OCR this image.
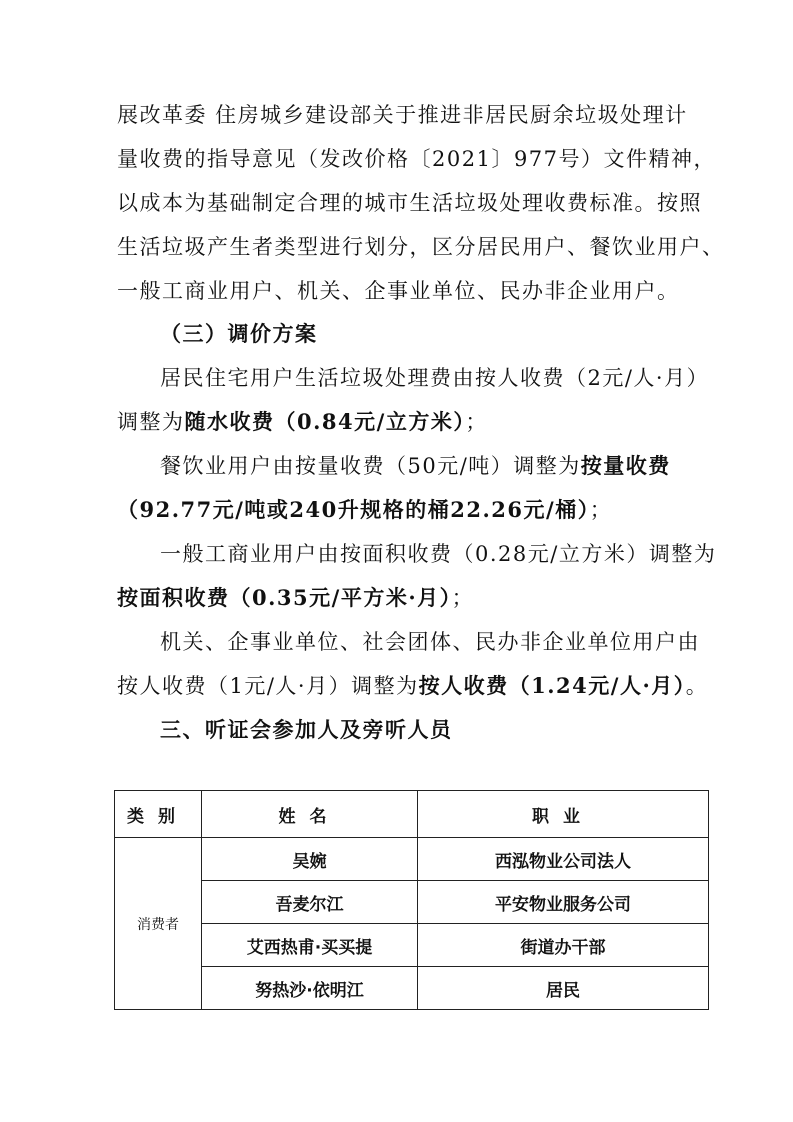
展改革委 住房城乡建设部关于推进非居民厨余垃圾处理计
量收费的指导意见（发改价格〔2021〕977号）文件精神，
以成本为基础制定合理的城市生活垃圾处理收费标准。按照
生活垃圾产生者类型进行划分，区分居民用户、餐饮业用户、
一般工商业用户、机关、企事业单位、民办非企业用户。
（三）调价方案
居民住宅用户生活垃圾处理费由按人收费（2元/人·月）
调整为随水收费（0.84元/立方米）；
餐饮业用户由按量收费（50元/吨）调整为按量收费
（92.77元/吨或240升规格的桶22.26元/桶）；
一般工商业用户由按面积收费（0.28元/立方米）调整为
按面积收费（0.35元/平方米·月）；
机关、企事业单位、社会团体、民办非企业单位用户由
按人收费（1元/人·月）调整为按人收费（1.24元/人·月）。
三、听证会参加人及旁听人员
类别	姓名	职业
消费者	吴婉	西泓物业公司法人
	吾麦尔江	平安物业服务公司
	艾西热甫·买买提	街道办干部
	努热沙·依明江	居民
